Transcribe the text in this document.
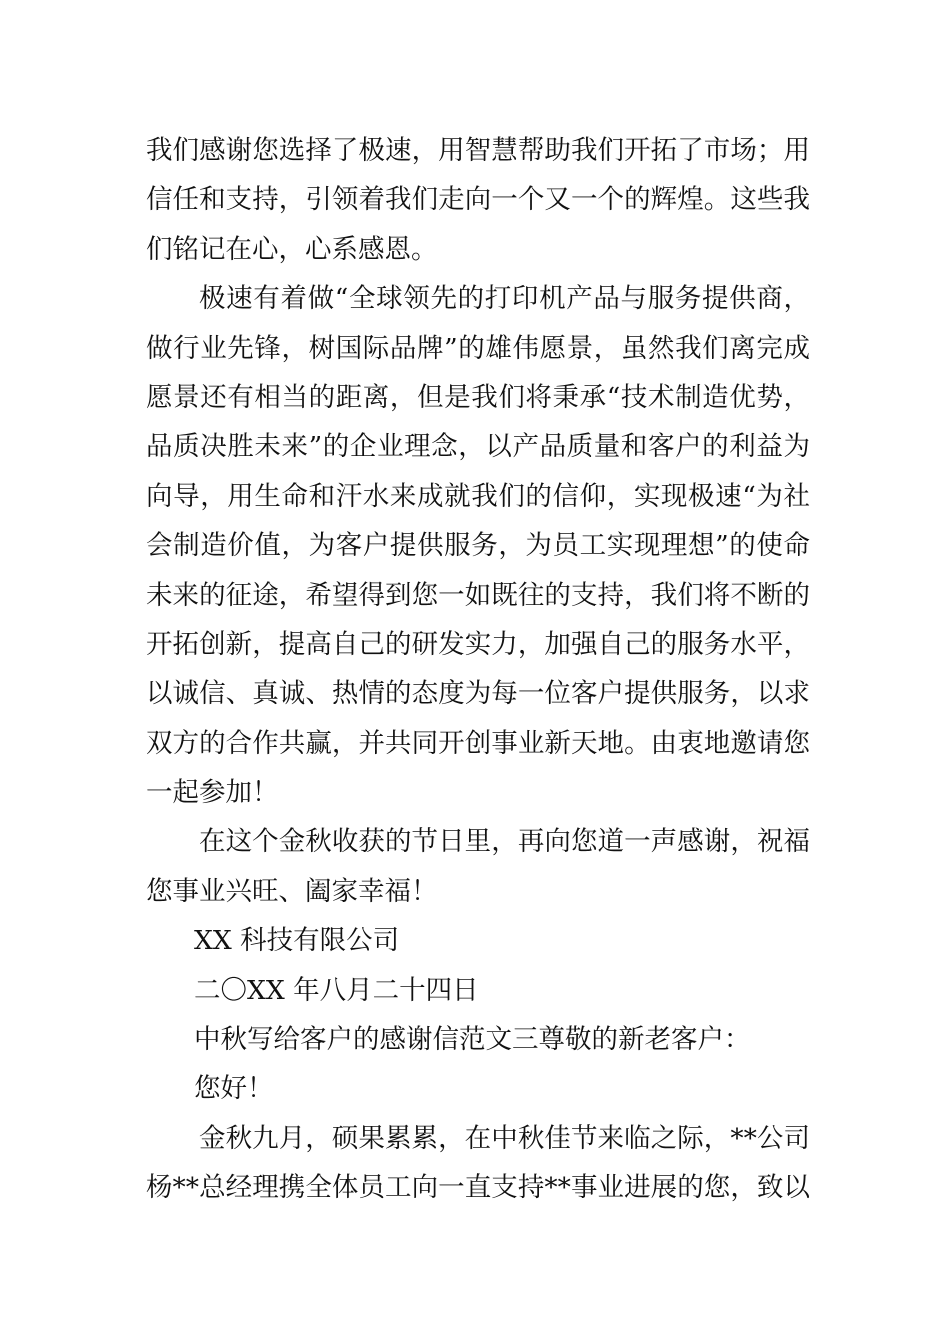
我们感谢您选择了极速，用智慧帮助我们开拓了市场；用
信任和支持，引领着我们走向一个又一个的辉煌。这些我
们铭记在心，心系感恩。
极速有着做“全球领先的打印机产品与服务提供商，
做行业先锋，树国际品牌”的雄伟愿景，虽然我们离完成
愿景还有相当的距离，但是我们将秉承“技术制造优势，
品质决胜未来”的企业理念，以产品质量和客户的利益为
向导，用生命和汗水来成就我们的信仰，实现极速“为社
会制造价值，为客户提供服务，为员工实现理想”的使命
未来的征途，希望得到您一如既往的支持，我们将不断的
开拓创新，提高自己的研发实力，加强自己的服务水平，
以诚信、真诚、热情的态度为每一位客户提供服务，以求
双方的合作共赢，并共同开创事业新天地。由衷地邀请您
一起参加！
在这个金秋收获的节日里，再向您道一声感谢，祝福
您事业兴旺、阖家幸福！
XX 科技有限公司
二〇XX 年八月二十四日
中秋写给客户的感谢信范文三尊敬的新老客户：
您好！
金秋九月，硕果累累，在中秋佳节来临之际，**公司
杨**总经理携全体员工向一直支持**事业进展的您，致以
